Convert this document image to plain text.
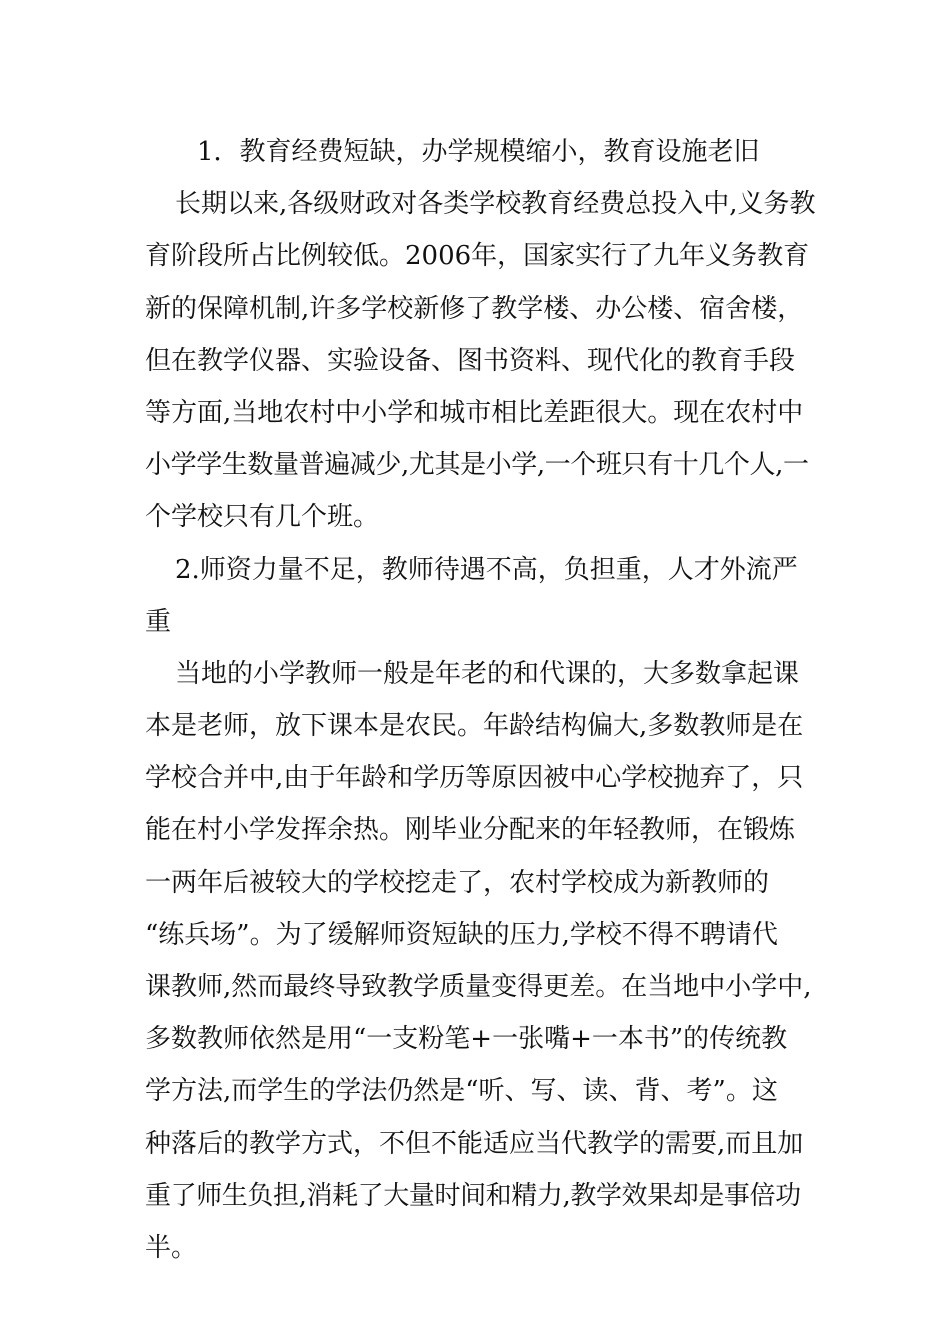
1．教育经费短缺，办学规模缩小，教育设施老旧
长期以来,各级财政对各类学校教育经费总投入中,义务教
育阶段所占比例较低。2006年，国家实行了九年义务教育
新的保障机制,许多学校新修了教学楼、办公楼、宿舍楼，
但在教学仪器、实验设备、图书资料、现代化的教育手段
等方面,当地农村中小学和城市相比差距很大。现在农村中
小学学生数量普遍减少,尤其是小学,一个班只有十几个人,一
个学校只有几个班。
2.师资力量不足，教师待遇不高，负担重，人才外流严
重
当地的小学教师一般是年老的和代课的，大多数拿起课
本是老师，放下课本是农民。年龄结构偏大,多数教师是在
学校合并中,由于年龄和学历等原因被中心学校抛弃了，只
能在村小学发挥余热。刚毕业分配来的年轻教师，在锻炼
一两年后被较大的学校挖走了，农村学校成为新教师的
“练兵场”。为了缓解师资短缺的压力,学校不得不聘请代
课教师,然而最终导致教学质量变得更差。在当地中小学中,
多数教师依然是用“一支粉笔+一张嘴+一本书”的传统教
学方法,而学生的学法仍然是“听、写、读、背、考”。这
种落后的教学方式，不但不能适应当代教学的需要,而且加
重了师生负担,消耗了大量时间和精力,教学效果却是事倍功
半。
